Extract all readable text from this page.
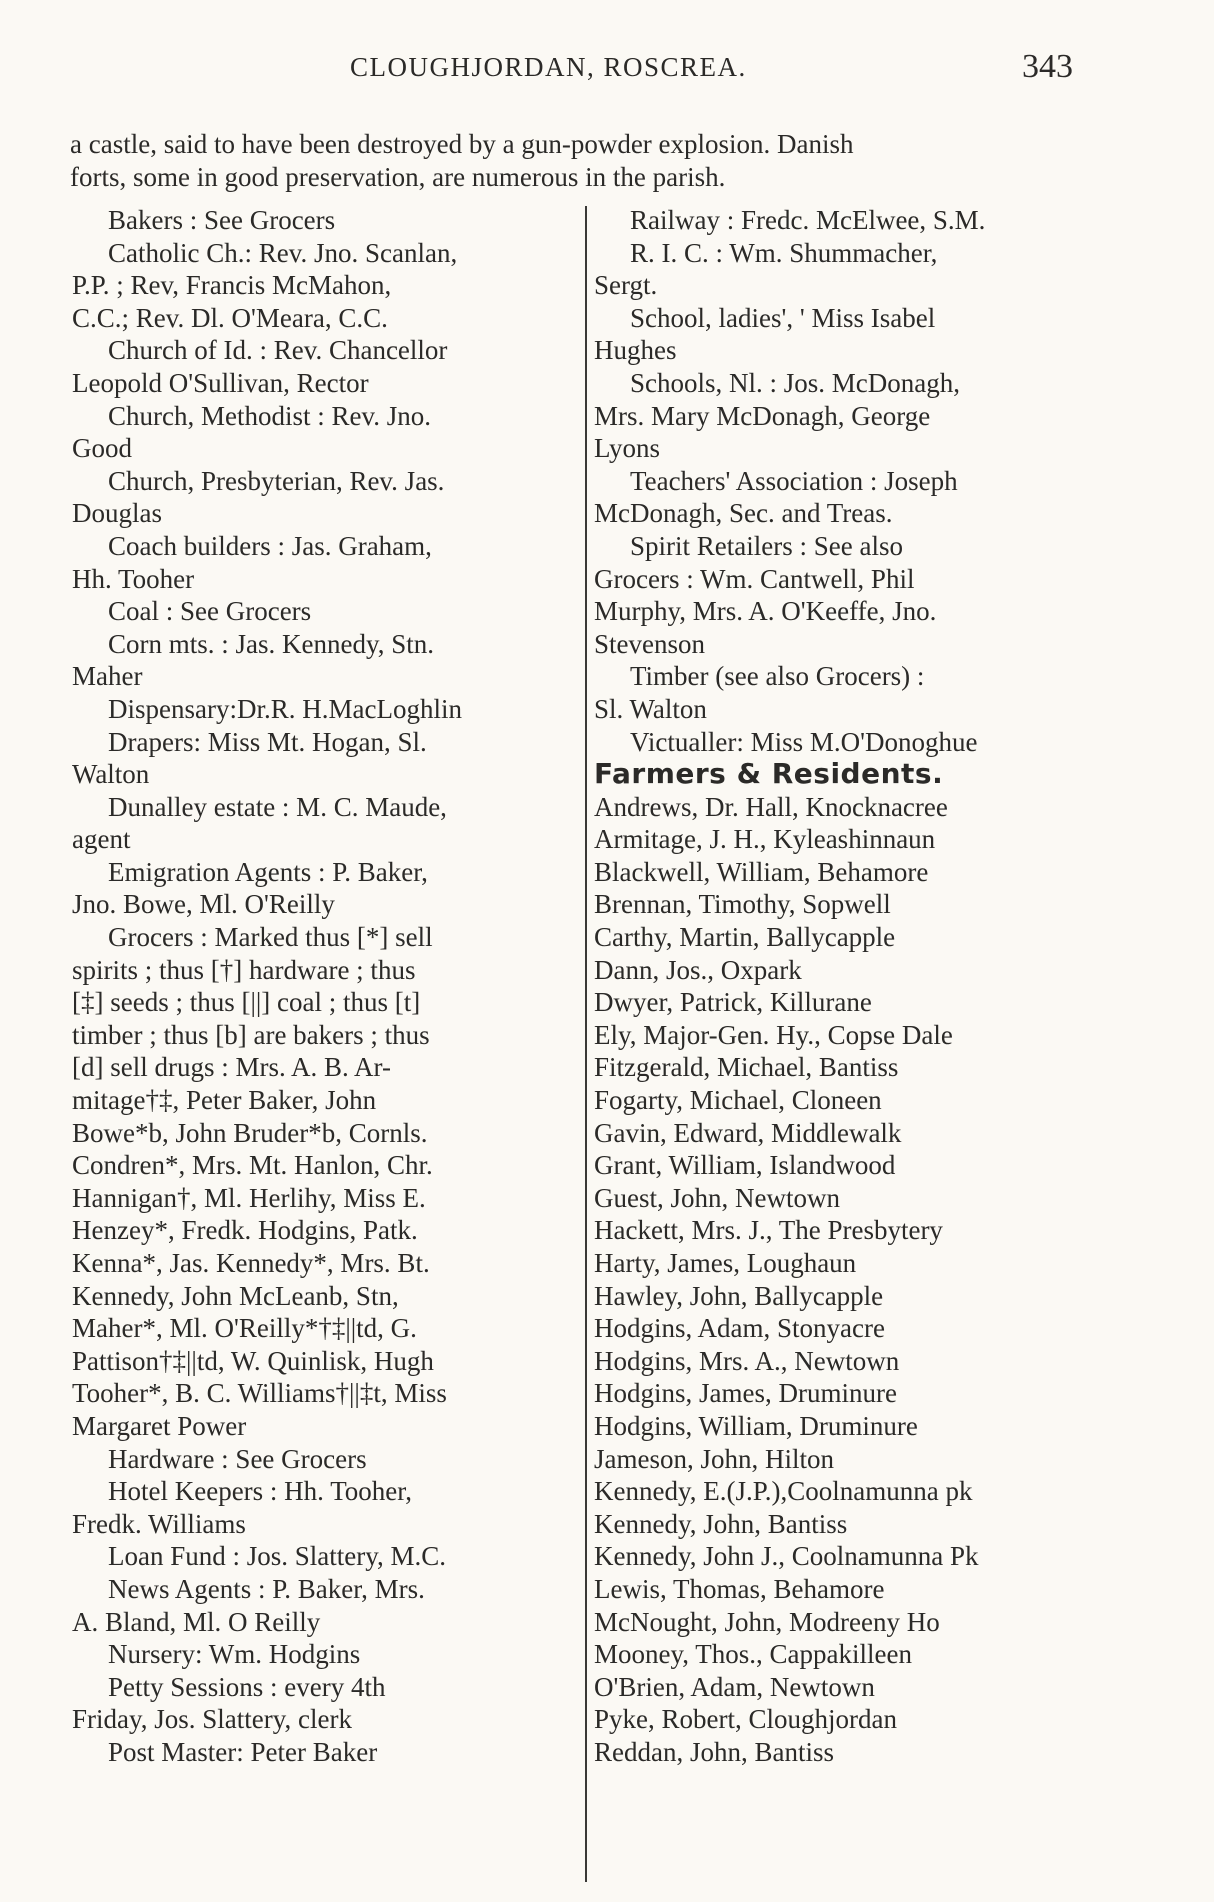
CLOUGHJORDAN, ROSCREA.	343
a castle, said to have been destroyed by a gun-powder explosion. Danish
forts, some in good preservation, are numerous in the parish.
Bakers : See Grocers
Catholic Ch.: Rev. Jno. Scanlan,
P.P. ; Rev, Francis McMahon,
C.C.; Rev. Dl. O'Meara, C.C.
Church of Id. : Rev. Chancellor
Leopold O'Sullivan, Rector
Church, Methodist : Rev. Jno.
Good
Church, Presbyterian, Rev. Jas.
Douglas
Coach builders : Jas. Graham,
Hh. Tooher
Coal : See Grocers
Corn mts. : Jas. Kennedy, Stn.
Maher
Dispensary:Dr.R. H.MacLoghlin
Drapers: Miss Mt. Hogan, Sl.
Walton
Dunalley estate : M. C. Maude,
agent
Emigration Agents : P. Baker,
Jno. Bowe, Ml. O'Reilly
Grocers : Marked thus [*] sell
spirits ; thus [†] hardware ; thus
[‡] seeds ; thus [||] coal ; thus [t]
timber ; thus [b] are bakers ; thus
[d] sell drugs : Mrs. A. B. Ar-
mitage†‡, Peter Baker, John
Bowe*b, John Bruder*b, Cornls.
Condren*, Mrs. Mt. Hanlon, Chr.
Hannigan†, Ml. Herlihy, Miss E.
Henzey*, Fredk. Hodgins, Patk.
Kenna*, Jas. Kennedy*, Mrs. Bt.
Kennedy, John McLeanb, Stn,
Maher*, Ml. O'Reilly*†‡||td, G.
Pattison†‡||td, W. Quinlisk, Hugh
Tooher*, B. C. Williams†||‡t, Miss
Margaret Power
Hardware : See Grocers
Hotel Keepers : Hh. Tooher,
Fredk. Williams
Loan Fund : Jos. Slattery, M.C.
News Agents : P. Baker, Mrs.
A. Bland, Ml. O Reilly
Nursery: Wm. Hodgins
Petty Sessions : every 4th
Friday, Jos. Slattery, clerk
Post Master: Peter Baker
Railway : Fredc. McElwee, S.M.
R. I. C. : Wm. Shummacher,
Sergt.
School, ladies', ' Miss Isabel
Hughes
Schools, Nl. : Jos. McDonagh,
Mrs. Mary McDonagh, George
Lyons
Teachers' Association : Joseph
McDonagh, Sec. and Treas.
Spirit Retailers : See also
Grocers : Wm. Cantwell, Phil
Murphy, Mrs. A. O'Keeffe, Jno.
Stevenson
Timber (see also Grocers) :
Sl. Walton
Victualler: Miss M.O'Donoghue
Farmers & Residents.
Andrews, Dr. Hall, Knocknacree
Armitage, J. H., Kyleashinnaun
Blackwell, William, Behamore
Brennan, Timothy, Sopwell
Carthy, Martin, Ballycapple
Dann, Jos., Oxpark
Dwyer, Patrick, Killurane
Ely, Major-Gen. Hy., Copse Dale
Fitzgerald, Michael, Bantiss
Fogarty, Michael, Cloneen
Gavin, Edward, Middlewalk
Grant, William, Islandwood
Guest, John, Newtown
Hackett, Mrs. J., The Presbytery
Harty, James, Loughaun
Hawley, John, Ballycapple
Hodgins, Adam, Stonyacre
Hodgins, Mrs. A., Newtown
Hodgins, James, Druminure
Hodgins, William, Druminure
Jameson, John, Hilton
Kennedy, E.(J.P.),Coolnamunna pk
Kennedy, John, Bantiss
Kennedy, John J., Coolnamunna Pk
Lewis, Thomas, Behamore
McNought, John, Modreeny Ho
Mooney, Thos., Cappakilleen
O'Brien, Adam, Newtown
Pyke, Robert, Cloughjordan
Reddan, John, Bantiss
